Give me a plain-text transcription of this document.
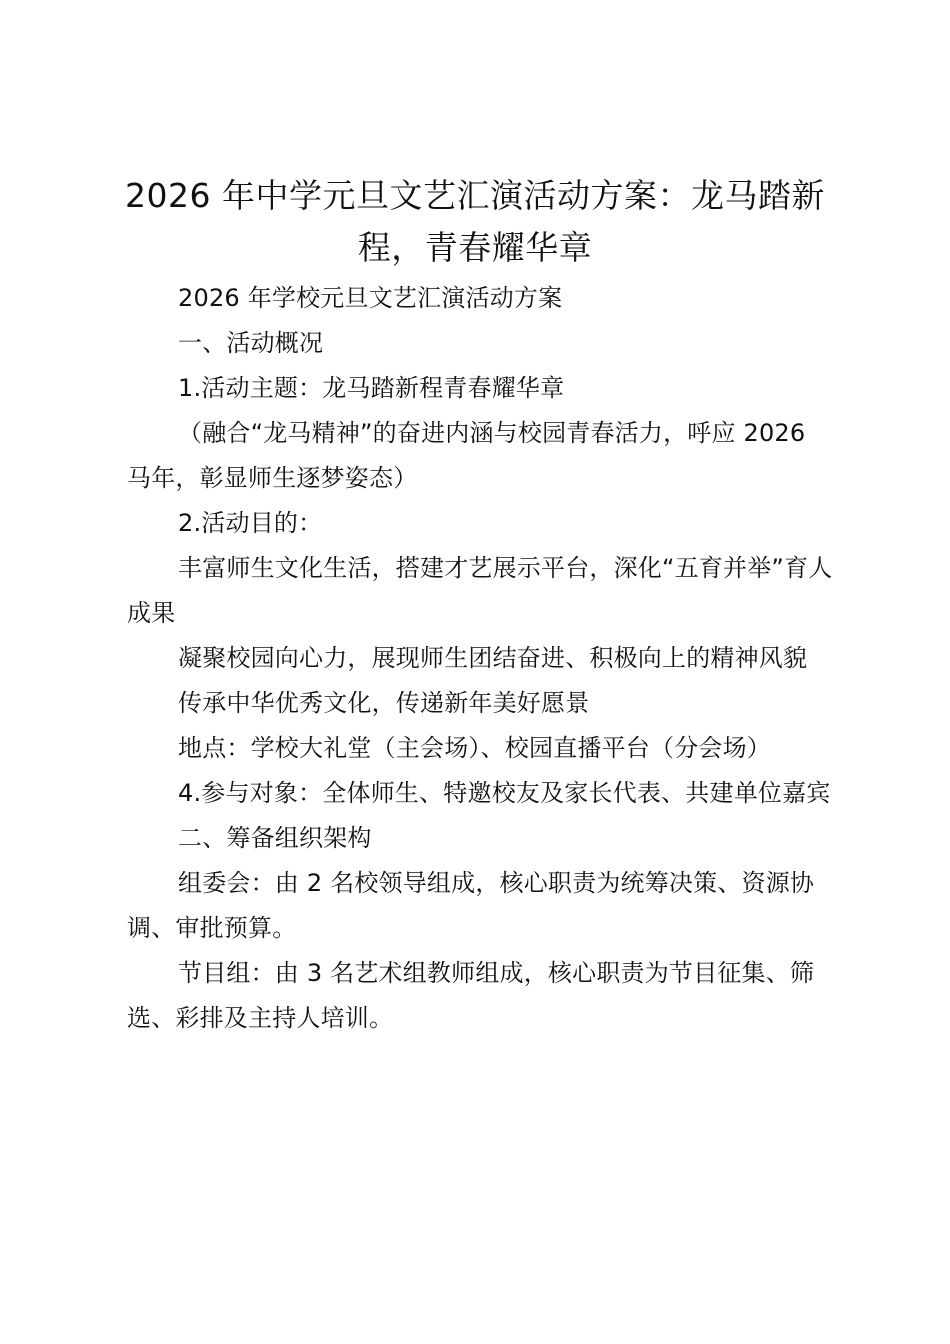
2026 年中学元旦文艺汇演活动方案：龙马踏新程，青春耀华章

2026 年学校元旦文艺汇演活动方案

一、活动概况

1.活动主题：龙马踏新程青春耀华章

（融合“龙马精神”的奋进内涵与校园青春活力，呼应 2026 马年，彰显师生逐梦姿态）

2.活动目的：

丰富师生文化生活，搭建才艺展示平台，深化“五育并举”育人成果

凝聚校园向心力，展现师生团结奋进、积极向上的精神风貌

传承中华优秀文化，传递新年美好愿景

地点：学校大礼堂（主会场）、校园直播平台（分会场）

4.参与对象：全体师生、特邀校友及家长代表、共建单位嘉宾

二、筹备组织架构

组委会：由 2 名校领导组成，核心职责为统筹决策、资源协调、审批预算。

节目组：由 3 名艺术组教师组成，核心职责为节目征集、筛选、彩排及主持人培训。
